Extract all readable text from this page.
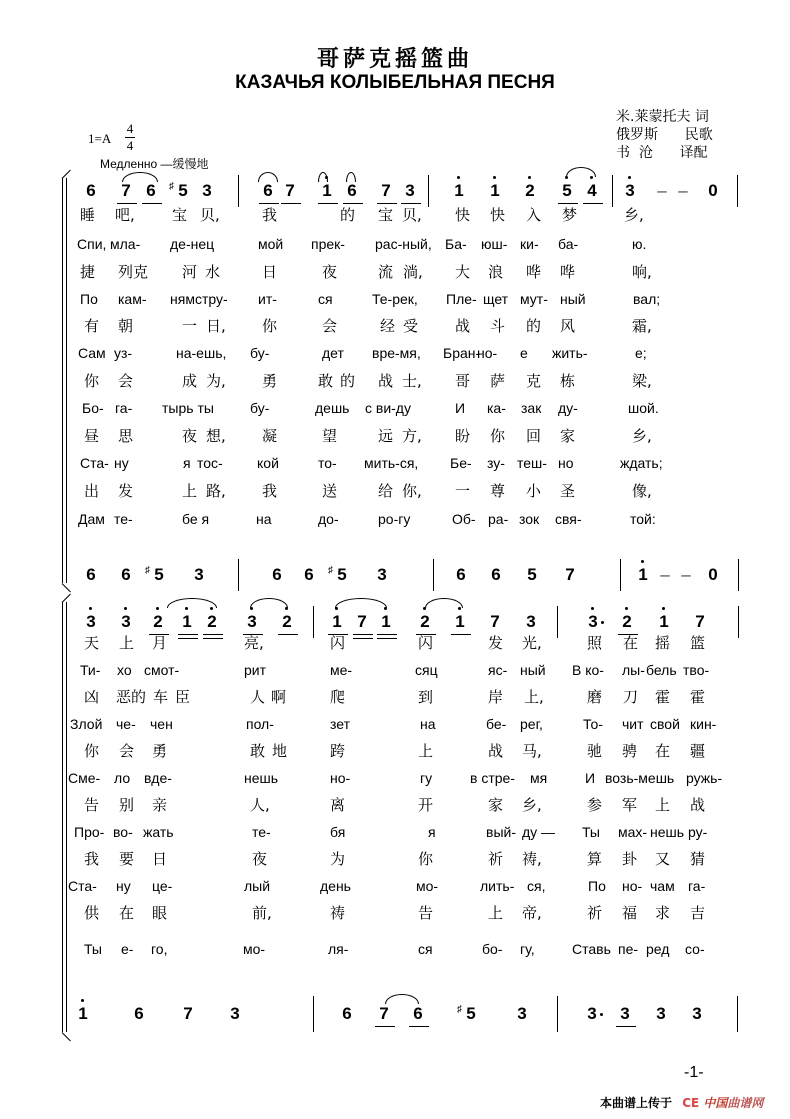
哥萨克摇篮曲
КАЗАЧЬЯ КОЛЫБЕЛЬНАЯ ПЕСНЯ
米.莱蒙托夫 词
俄罗斯      民歌
书  沧      译配
1=A
4
4
Медленно —缓慢地
6 7 6 5
♯ 3	6 7 1 6 7 3 1 1 2 5 4 3 – – 0
睡 吧, 宝 贝,	我	的 宝 贝, 快 快 入 梦	乡,
Спи, мла- де-нец	мой прек- рас-ный, Ба- юш- ки- ба-	ю.
捷 列克 河 水	日	夜	流 淌, 大 浪 哗 哗	响,
По кам- нямстру- ит-	ся	Те-рек, Пле- щет мут- ный	вал;
有 朝	一 日, 你	会	经 受 战 斗 的 风	霜,
Сам уз-	на-ешь, бу-	дет вре-мя, Бран-
но- е жить-	е;
你 会	成 为, 勇	敢 的 战 士, 哥 萨 克 栋	梁,
Бо- га- тырь ты	бу-	дешь с ви-ду	И ка- зак ду-	шой.
昼 思	夜 想, 凝	望	远 方, 盼 你 回 家	乡,
Ста- ну	я тос- кой	то- мить-ся, Бе- зу- теш- но	ждать;
出 发	上 路, 我	送	给 你, 一 尊 小 圣	像,
Дам те-	бе я	на	до-	ро-гу	Об- ра- зок свя-	той:
6 6 5
♯	3	6 6 5
♯	3	6 6 5 7	1 – – 0
3 3 2 1 2 3 2 1 7 1 2 1 7 3	3 2 1 7
天 上 月	亮,	闪	闪	发 光,	照 在 摇 篮
Ти- хо смот-	рит	ме-	сяц	яс- ный В ко- лы- бель тво-
凶 恶的 车 臣	人 啊	爬	到	岸 上,	磨 刀 霍 霍
Злой че- чен	пол-	зет	на	бе- рег,	То- чит свой кин-
你 会 勇	敢 地	跨	上	战 马,	驰 骋 在 疆
Сме- ло вде-	нешь	но-	гу	в стре- мя	И возь-мешь ружь-
告 别 亲	人,	离	开	家 乡,	参 军 上 战
Про- во- жать	те-	бя	я	вый- ду — Ты мах- нешь ру-
我 要 日	夜	为	你	祈 祷,	算 卦 又 猜
Ста- ну це-	лый	день	мо-	лить- ся,	По но- чам га-
供 在 眼	前,	祷	告	上 帝,	祈 福 求 吉
Ты е- го,	мо-	ля-	ся	бо- гу,	Ставь пе- ред со-
1	6 7 3	6 7 6	5
♯	3	3 3 3 3
-1-
本曲谱上传于 CE 中国曲谱网
